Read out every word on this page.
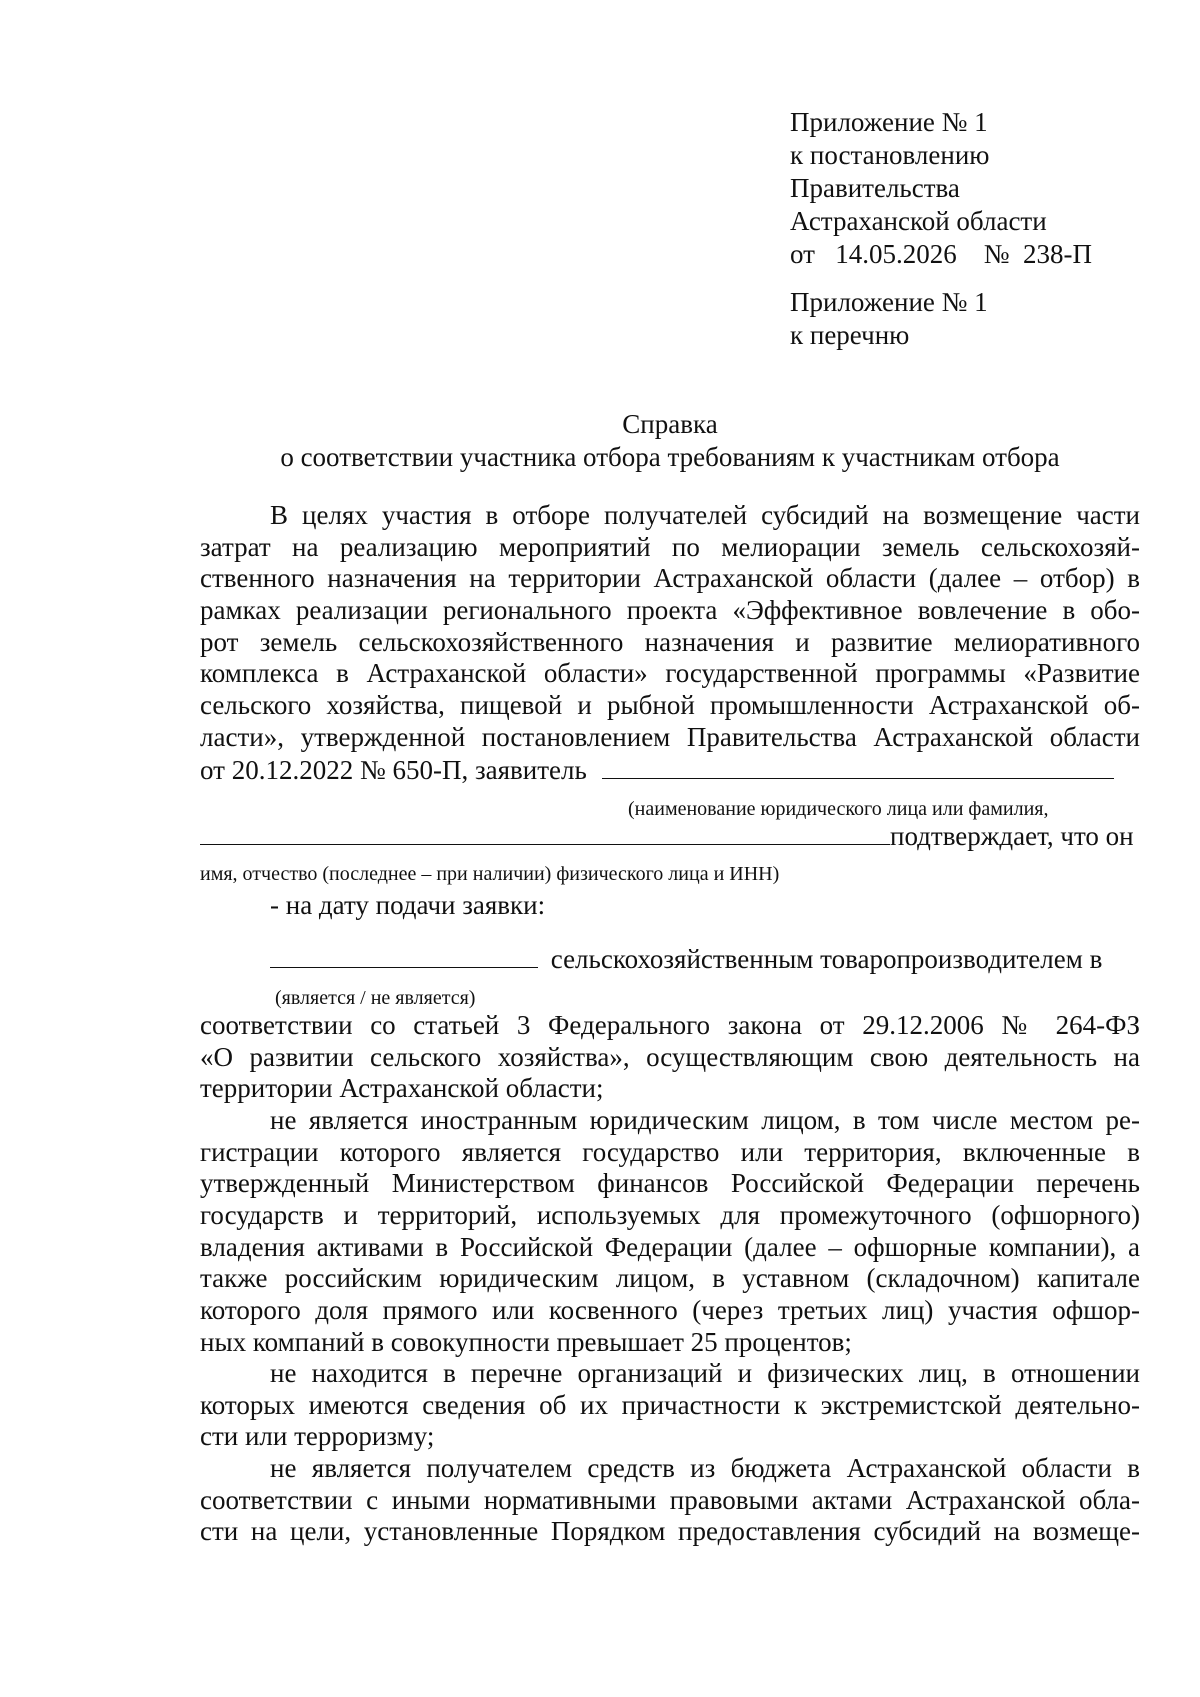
Приложение № 1
к постановлению
Правительства
Астраханской области
от   14.05.2026    №  238-П
Приложение № 1
к перечню
Справка
о соответствии участника отбора требованиям к участникам отбора
В целях участия в отборе получателей субсидий на возмещение части
затрат на реализацию мероприятий по мелиорации земель сельскохозяй-
ственного назначения на территории Астраханской области (далее – отбор) в
рамках реализации регионального проекта «Эффективное вовлечение в обо-
рот земель сельскохозяйственного назначения и развитие мелиоративного
комплекса в Астраханской области» государственной программы «Развитие
сельского хозяйства, пищевой и рыбной промышленности Астраханской об-
ласти», утвержденной постановлением Правительства Астраханской области
от 20.12.2022 № 650-П, заявитель
(наименование юридического лица или фамилия,
подтверждает, что он
имя, отчество (последнее – при наличии) физического лица и ИНН)
- на дату подачи заявки:
сельскохозяйственным товаропроизводителем в
(является / не является)
соответствии со статьей 3 Федерального закона от 29.12.2006 № 264-ФЗ
«О развитии сельского хозяйства», осуществляющим свою деятельность на
территории Астраханской области;
не является иностранным юридическим лицом, в том числе местом ре-
гистрации которого является государство или территория, включенные в
утвержденный Министерством финансов Российской Федерации перечень
государств и территорий, используемых для промежуточного (офшорного)
владения активами в Российской Федерации (далее – офшорные компании), а
также российским юридическим лицом, в уставном (складочном) капитале
которого доля прямого или косвенного (через третьих лиц) участия офшор-
ных компаний в совокупности превышает 25 процентов;
не находится в перечне организаций и физических лиц, в отношении
которых имеются сведения об их причастности к экстремистской деятельно-
сти или терроризму;
не является получателем средств из бюджета Астраханской области в
соответствии с иными нормативными правовыми актами Астраханской обла-
сти на цели, установленные Порядком предоставления субсидий на возмеще-
